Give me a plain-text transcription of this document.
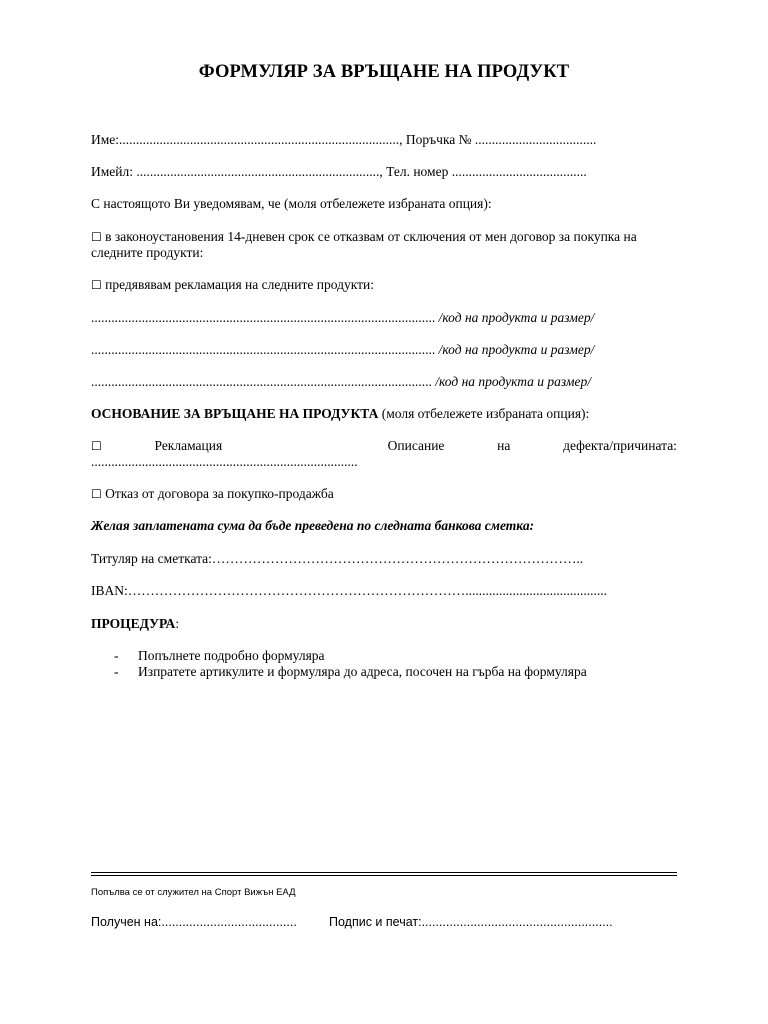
ФОРМУЛЯР ЗА ВРЪЩАНЕ НА ПРОДУКТ
Име:..................................................................................., Поръчка № ....................................
Имейл: ........................................................................, Тел. номер ........................................
С настоящото Ви уведомявам, че (моля отбележете избраната опция):
☐ в законоустановения 14-дневен срок се отказвам от сключения от мен договор за покупка на
следните продукти:
☐ предявявам рекламация на следните продукти:
...................................................................................................... /код на продукта и размер/
...................................................................................................... /код на продукта и размер/
..................................................................................................... /код на продукта и размер/
ОСНОВАНИЕ ЗА ВРЪЩАНЕ НА ПРОДУКТА (моля отбележете избраната опция):
☐	Рекламация	Описание	на	дефекта/причината:
...............................................................................
☐ Отказ от договора за покупко-продажба
Желая заплатената сума да бъде преведена по следната банкова сметка:
Титуляр на сметката:………………………………………………………………………..
IBAN:…………………………………………………………………..........................................
ПРОЦЕДУРА:
- Попълнете подробно формуляра
- Изпратете артикулите и формуляра до адреса, посочен на гърба на формуляра
Попълва се от служител на Спорт Вижън ЕАД
Получен на:.......................................	Подпис и печат:.......................................................
